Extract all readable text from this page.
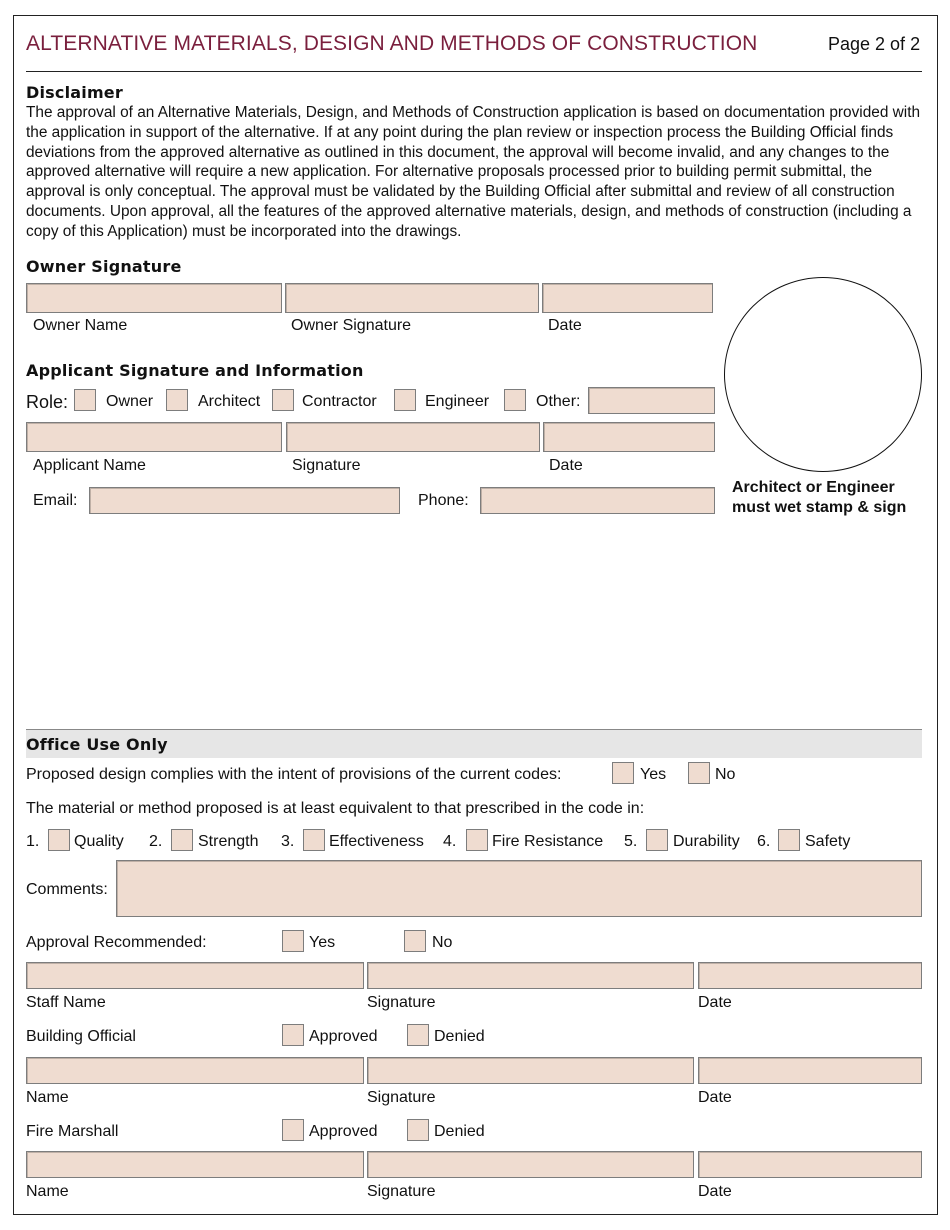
ALTERNATIVE MATERIALS, DESIGN AND METHODS OF CONSTRUCTION	Page 2 of 2
Disclaimer
The approval of an Alternative Materials, Design, and Methods of Construction application is based on documentation provided with the application in support of the alternative. If at any point during the plan review or inspection process the Building Official finds deviations from the approved alternative as outlined in this document, the approval will become invalid, and any changes to the approved alternative will require a new application. For alternative proposals processed prior to building permit submittal, the approval is only conceptual. The approval must be validated by the Building Official after submittal and review of all construction documents. Upon approval, all the features of the approved alternative materials, design, and methods of construction (including a copy of this Application) must be incorporated into the drawings.
Owner Signature
Owner Name	Owner Signature	Date
Applicant Signature and Information
Role: Owner	Architect	Contractor	Engineer	Other:
Applicant Name	Signature	Date
Email:	Phone:
Architect or Engineer
must wet stamp & sign
Office Use Only
Proposed design complies with the intent of provisions of the current codes:	Yes	No
The material or method proposed is at least equivalent to that prescribed in the code in:
1. Quality 2. Strength 3. Effectiveness 4. Fire Resistance 5. Durability 6. Safety
Comments:
Approval Recommended:	Yes	No
Staff Name	Signature	Date
Building Official	Approved	Denied
Name	Signature	Date
Fire Marshall	Approved	Denied
Name	Signature	Date
